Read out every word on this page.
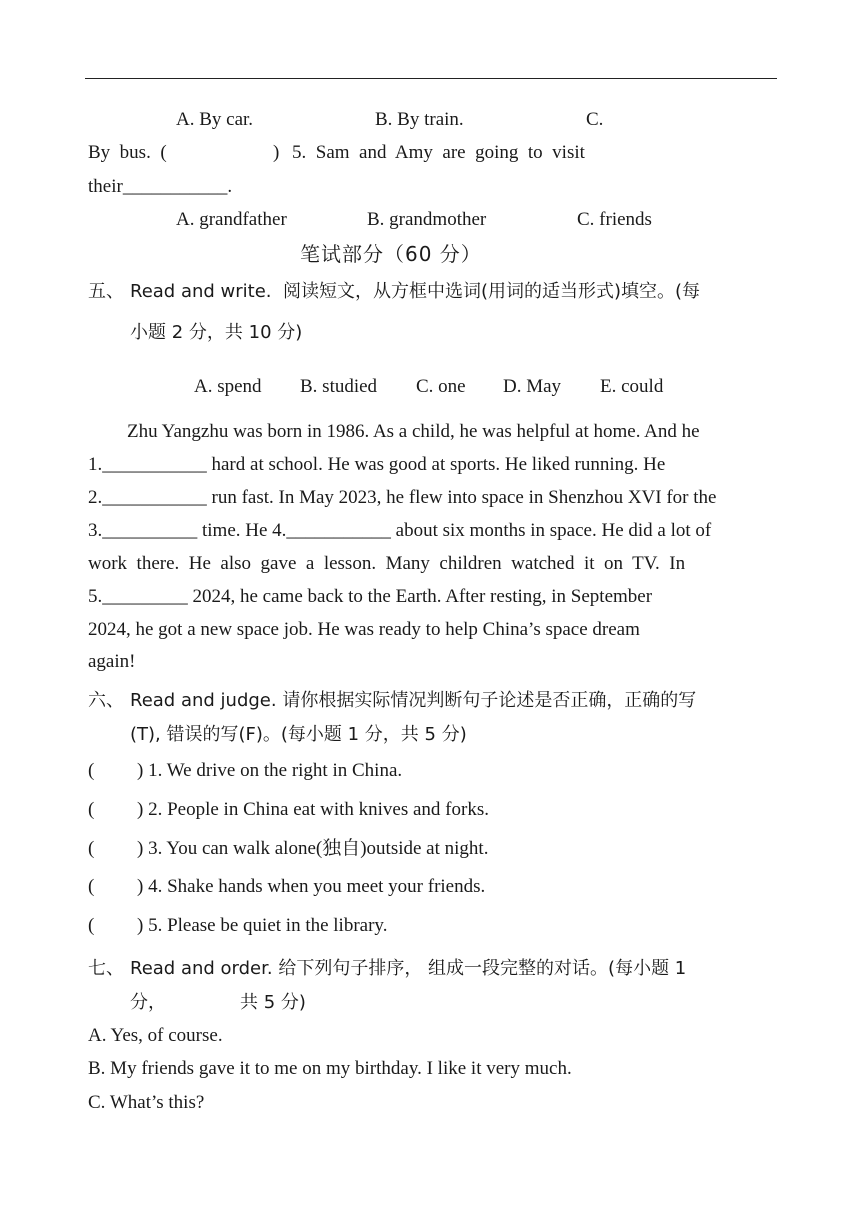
A. By car.	B. By train.	C.
By  bus.  (	) 5.  Sam  and  Amy  are  going  to  visit
their___________.
A. grandfather	B. grandmother	C. friends
笔试部分（60 分）
五、 Read and write.  阅读短文，从方框中选词(用词的适当形式)填空。(每
小题 2 分，共 10 分)
A. spend B. studied C. one D. May E. could
Zhu Yangzhu was born in 1986. As a child, he was helpful at home. And he
1.___________ hard at school. He was good at sports. He liked running. He
2.___________ run fast. In May 2023, he flew into space in Shenzhou XVI for the
3.__________ time. He 4.___________ about six months in space. He did a lot of
work  there.  He  also  gave  a  lesson.  Many  children  watched  it  on  TV.  In
5._________ 2024, he came back to the Earth. After resting, in September
2024, he got a new space job. He was ready to help China’s space dream
again!
六、 Read and judge. 请你根据实际情况判断句子论述是否正确，正确的写
(T), 错误的写(F)。(每小题 1 分，共 5 分)
( ) 1. We drive on the right in China.
( ) 2. People in China eat with knives and forks.
( ) 3. You can walk alone(独自)outside at night.
( ) 4. Shake hands when you meet your friends.
( ) 5. Please be quiet in the library.
七、 Read and order. 给下列句子排序， 组成一段完整的对话。(每小题 1
分，	共 5 分)
A. Yes, of course.
B. My friends gave it to me on my birthday. I like it very much.
C. What’s this?
